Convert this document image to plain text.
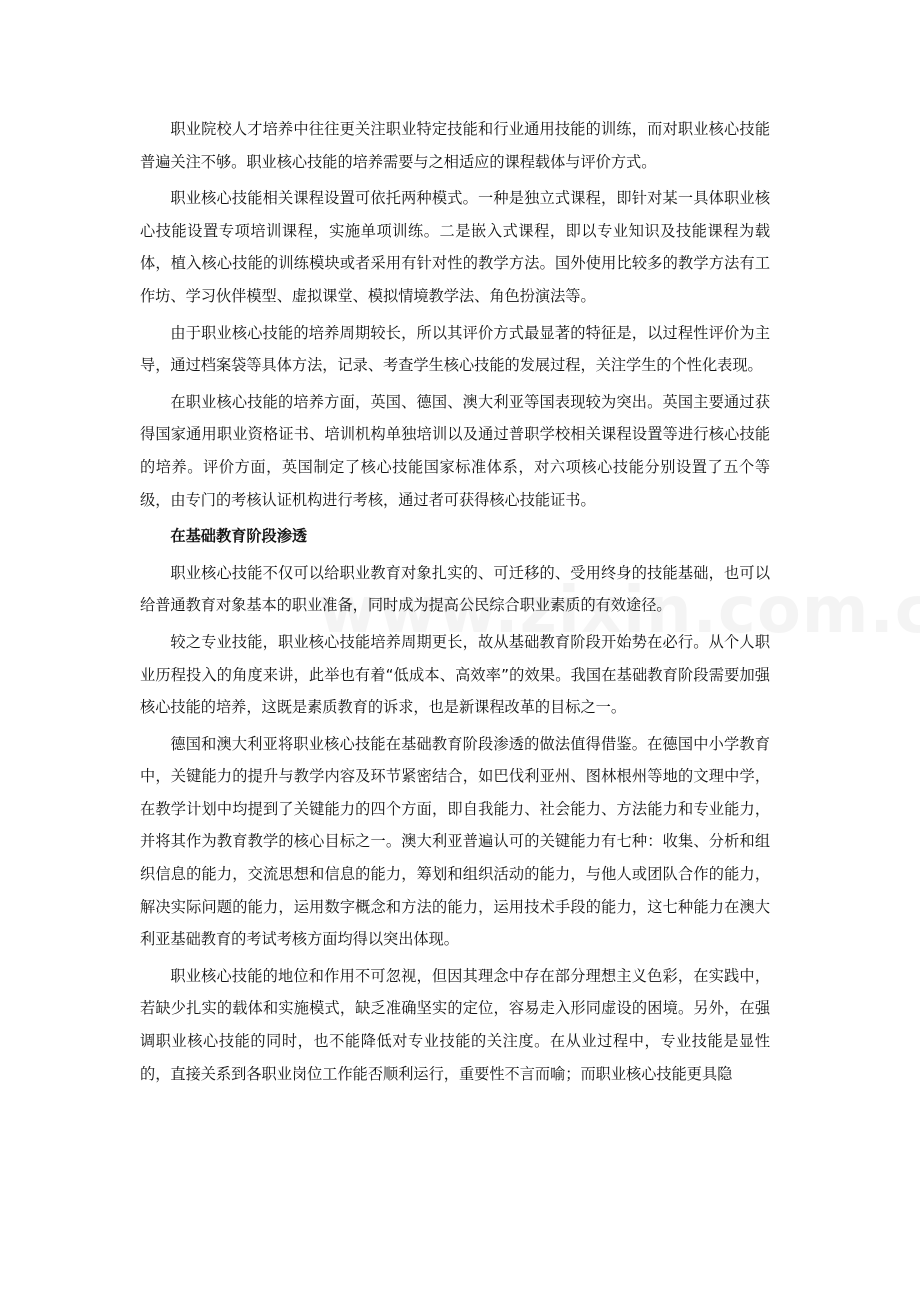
职业院校人才培养中往往更关注职业特定技能和行业通用技能的训练，而对职业核心技能普遍关注不够。职业核心技能的培养需要与之相适应的课程载体与评价方式。

职业核心技能相关课程设置可依托两种模式。一种是独立式课程，即针对某一具体职业核心技能设置专项培训课程，实施单项训练。二是嵌入式课程，即以专业知识及技能课程为载体，植入核心技能的训练模块或者采用有针对性的教学方法。国外使用比较多的教学方法有工作坊、学习伙伴模型、虚拟课堂、模拟情境教学法、角色扮演法等。

由于职业核心技能的培养周期较长，所以其评价方式最显著的特征是，以过程性评价为主导，通过档案袋等具体方法，记录、考查学生核心技能的发展过程，关注学生的个性化表现。

在职业核心技能的培养方面，英国、德国、澳大利亚等国表现较为突出。英国主要通过获得国家通用职业资格证书、培训机构单独培训以及通过普职学校相关课程设置等进行核心技能的培养。评价方面，英国制定了核心技能国家标准体系，对六项核心技能分别设置了五个等级，由专门的考核认证机构进行考核，通过者可获得核心技能证书。

在基础教育阶段渗透

职业核心技能不仅可以给职业教育对象扎实的、可迁移的、受用终身的技能基础，也可以给普通教育对象基本的职业准备，同时成为提高公民综合职业素质的有效途径。

较之专业技能，职业核心技能培养周期更长，故从基础教育阶段开始势在必行。从个人职业历程投入的角度来讲，此举也有着“低成本、高效率”的效果。我国在基础教育阶段需要加强核心技能的培养，这既是素质教育的诉求，也是新课程改革的目标之一。

德国和澳大利亚将职业核心技能在基础教育阶段渗透的做法值得借鉴。在德国中小学教育中，关键能力的提升与教学内容及环节紧密结合，如巴伐利亚州、图林根州等地的文理中学，在教学计划中均提到了关键能力的四个方面，即自我能力、社会能力、方法能力和专业能力，并将其作为教育教学的核心目标之一。澳大利亚普遍认可的关键能力有七种：收集、分析和组织信息的能力，交流思想和信息的能力，筹划和组织活动的能力，与他人或团队合作的能力，解决实际问题的能力，运用数字概念和方法的能力，运用技术手段的能力，这七种能力在澳大利亚基础教育的考试考核方面均得以突出体现。

职业核心技能的地位和作用不可忽视，但因其理念中存在部分理想主义色彩，在实践中，若缺少扎实的载体和实施模式，缺乏准确坚实的定位，容易走入形同虚设的困境。另外，在强调职业核心技能的同时，也不能降低对专业技能的关注度。在从业过程中，专业技能是显性的，直接关系到各职业岗位工作能否顺利运行，重要性不言而喻；而职业核心技能更具隐
